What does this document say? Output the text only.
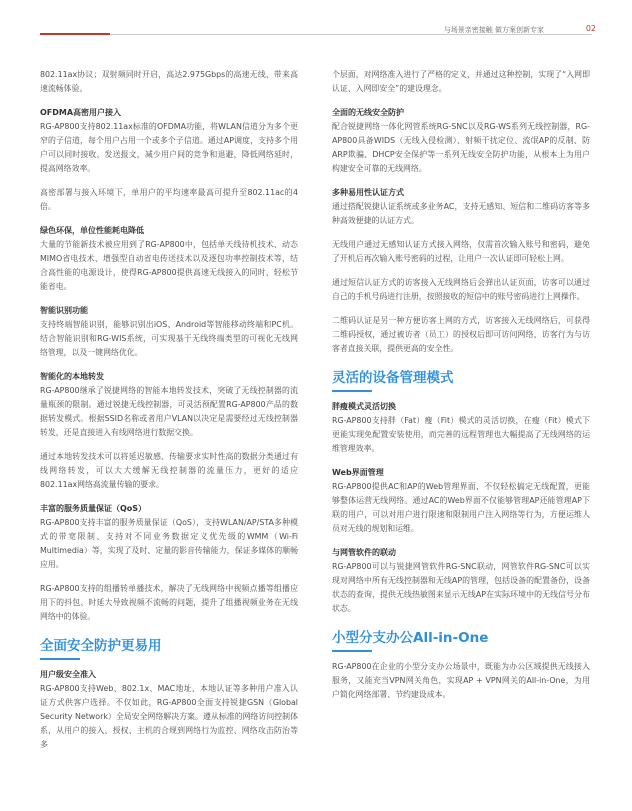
与场景亲密接触 做方案创新专家	02

802.11ax协议；双射频同时开启，高达2.975Gbps的高速无线，带来高速流畅体验。

OFDMA高密用户接入

RG-AP800支持802.11ax标准的OFDMA功能，将WLAN信道分为多个更窄的子信道，每个用户占用一个或多个子信道。通过AP调度，支持多个用户可以同时接收、发送报文，减少用户间的竞争和退避，降低网络延时，提高网络效率。

高密部署与接入环境下，单用户的平均速率最高可提升至802.11ac的4倍。

绿色环保，单位性能耗电降低

大量的节能新技术被应用到了RG-AP800中，包括单天线待机技术、动态MIMO省电技术、增强型自动省电传送技术以及逐包功率控制技术等，结合高性能的电源设计，使得RG-AP800提供高速无线接入的同时，轻松节能省电。

智能识别功能

支持终端智能识别，能够识别出iOS、Android等智能移动终端和PC机。结合智能识别和RG-WIS系统，可实现基于无线终端类型的可视化无线网络管理，以及一键网络优化。

智能化的本地转发

RG-AP800继承了锐捷网络的智能本地转发技术，突破了无线控制器的流量瓶颈的限制。通过锐捷无线控制器，可灵活预配置RG-AP800产品的数据转发模式。根据SSID名称或者用户VLAN以决定是需要经过无线控制器转发，还是直接进入有线网络进行数据交换。

通过本地转发技术可以将延迟敏感、传输要求实时性高的数据分类通过有线网络转发，可以大大缓解无线控制器的流量压力，更好的适应802.11ax网络高流量传输的要求。

丰富的服务质量保证（QoS）

RG-AP800支持丰富的服务质量保证（QoS），支持WLAN/AP/STA多种模式的带宽限制、支持对不同业务数据定义优先级的WMM（Wi-Fi Multimedia）等，实现了及时、定量的影音传输能力，保证多媒体的顺畅应用。

RG-AP800支持的组播转单播技术，解决了无线网络中视频点播等组播应用下的抖包、时延大导致视频不流畅的问题，提升了组播视频业务在无线网络中的体验。

全面安全防护更易用
用户级安全准入

RG-AP800支持Web、802.1x、MAC地址、本地认证等多种用户准入认证方式供客户选择。不仅如此，RG-AP800全面支持锐捷GSN（Global Security Network）全局安全网络解决方案。遵从标准的网络访问控制体系，从用户的接入、授权、主机的合规到网络行为监控、网络攻击防治等多

个层面，对网络准入进行了严格的定义，并通过这种控制，实现了“入网即认证、入网即安全”的建设理念。

全面的无线安全防护

配合锐捷网络一体化网管系统RG-SNC以及RG-WS系列无线控制器，RG-AP800具备WIDS（无线入侵检测）、射频干扰定位、流氓AP的反制、防ARP欺骗、DHCP安全保护等一系列无线安全防护功能，从根本上为用户构建安全可靠的无线网络。

多种易用性认证方式

通过搭配锐捷认证系统或多业务AC，支持无感知、短信和二维码访客等多种高效便捷的认证方式。

无线用户通过无感知认证方式接入网络，仅需首次输入账号和密码，避免了开机后再次输入账号密码的过程，让用户一次认证即可轻松上网。

通过短信认证方式的访客接入无线网络后会弹出认证页面，访客可以通过自己的手机号码进行注册，按照接收的短信中的账号密码进行上网操作。

二维码认证是另一种方便访客上网的方式，访客接入无线网络后，可获得二维码授权，通过被访者（员工）的授权后即可访问网络，访客行为与访客者直接关联，提供更高的安全性。

灵活的设备管理模式
胖瘦模式灵活切换

RG-AP800支持胖（Fat）瘦（Fit）模式的灵活切换，在瘦（Fit）模式下更能实现免配置安装使用，而完善的远程管理也大幅提高了无线网络的运维管理效率。

Web界面管理

RG-AP800提供AC和AP的Web管理界面，不仅轻松搞定无线配置，更能够整体运营无线网络。通过AC的Web界面不仅能够管理AP还能管理AP下联的用户，可以对用户进行限速和限制用户注入网络等行为，方便运维人员对无线的规划和运维。

与网管软件的联动

RG-AP800可以与锐捷网管软件RG-SNC联动，网管软件RG-SNC可以实现对网络中所有无线控制器和无线AP的管理，包括设备的配置备份，设备状态的查询，提供无线热敏图来显示无线AP在实际环境中的无线信号分布状态。

小型分支办公All-in-One

RG-AP800在企业的小型分支办公场景中，既能为办公区域提供无线接入服务，又能充当VPN网关角色，实现AP + VPN网关的All-in-One，为用户简化网络部署、节约建设成本。
